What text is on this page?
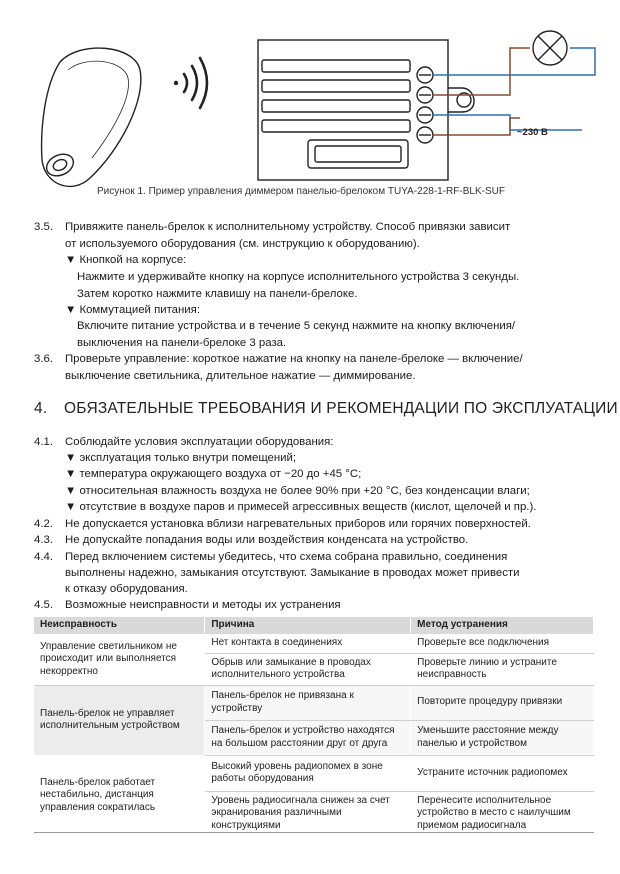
~230 В
Рисунок 1. Пример управления диммером панелью-брелоком TUYA-228-1-RF-BLK-SUF
3.5. Привяжите панель-брелок к исполнительному устройству. Способ привязки зависит
от используемого оборудования (см. инструкцию к оборудованию).
▼ Кнопкой на корпусе:
Нажмите и удерживайте кнопку на корпусе исполнительного устройства 3 секунды.
Затем коротко нажмите клавишу на панели-брелоке.
▼ Коммутацией питания:
Включите питание устройства и в течение 5 секунд нажмите на кнопку включения/
выключения на панели-брелоке 3 раза.
3.6. Проверьте управление: короткое нажатие на кнопку на панеле-брелоке — включение/
выключение светильника, длительное нажатие — диммирование.
4. ОБЯЗАТЕЛЬНЫЕ ТРЕБОВАНИЯ И РЕКОМЕНДАЦИИ ПО ЭКСПЛУАТАЦИИ
4.1. Соблюдайте условия эксплуатации оборудования:
▼ эксплуатация только внутри помещений;
▼ температура окружающего воздуха от −20 до +45 °C;
▼ относительная влажность воздуха не более 90% при +20 °C, без конденсации влаги;
▼ отсутствие в воздухе паров и примесей агрессивных веществ (кислот, щелочей и пр.).
4.2. Не допускается установка вблизи нагревательных приборов или горячих поверхностей.
4.3. Не допускайте попадания воды или воздействия конденсата на устройство.
4.4. Перед включением системы убедитесь, что схема собрана правильно, соединения
выполнены надежно, замыкания отсутствуют. Замыкание в проводах может привести
к отказу оборудования.
4.5. Возможные неисправности и методы их устранения
Неисправность	Причина	Метод устранения
Управление светильником не происходит или выполняется некорректно	Нет контакта в соединениях	Проверьте все подключения
	Обрыв или замыкание в проводах исполнительного устройства	Проверьте линию и устраните неисправность
Панель-брелок не управляет исполнительным устройством	Панель-брелок не привязана к устройству	Повторите процедуру привязки
	Панель-брелок и устройство находятся на большом расстоянии друг от друга	Уменьшите расстояние между панелью и устройством
Панель-брелок работает нестабильно, дистанция управления сократилась	Высокий уровень радиопомех в зоне работы оборудования	Устраните источник радиопомех
	Уровень радиосигнала снижен за счет экранирования различными конструкциями	Перенесите исполнительное устройство в место с наилучшим приемом радиосигнала
